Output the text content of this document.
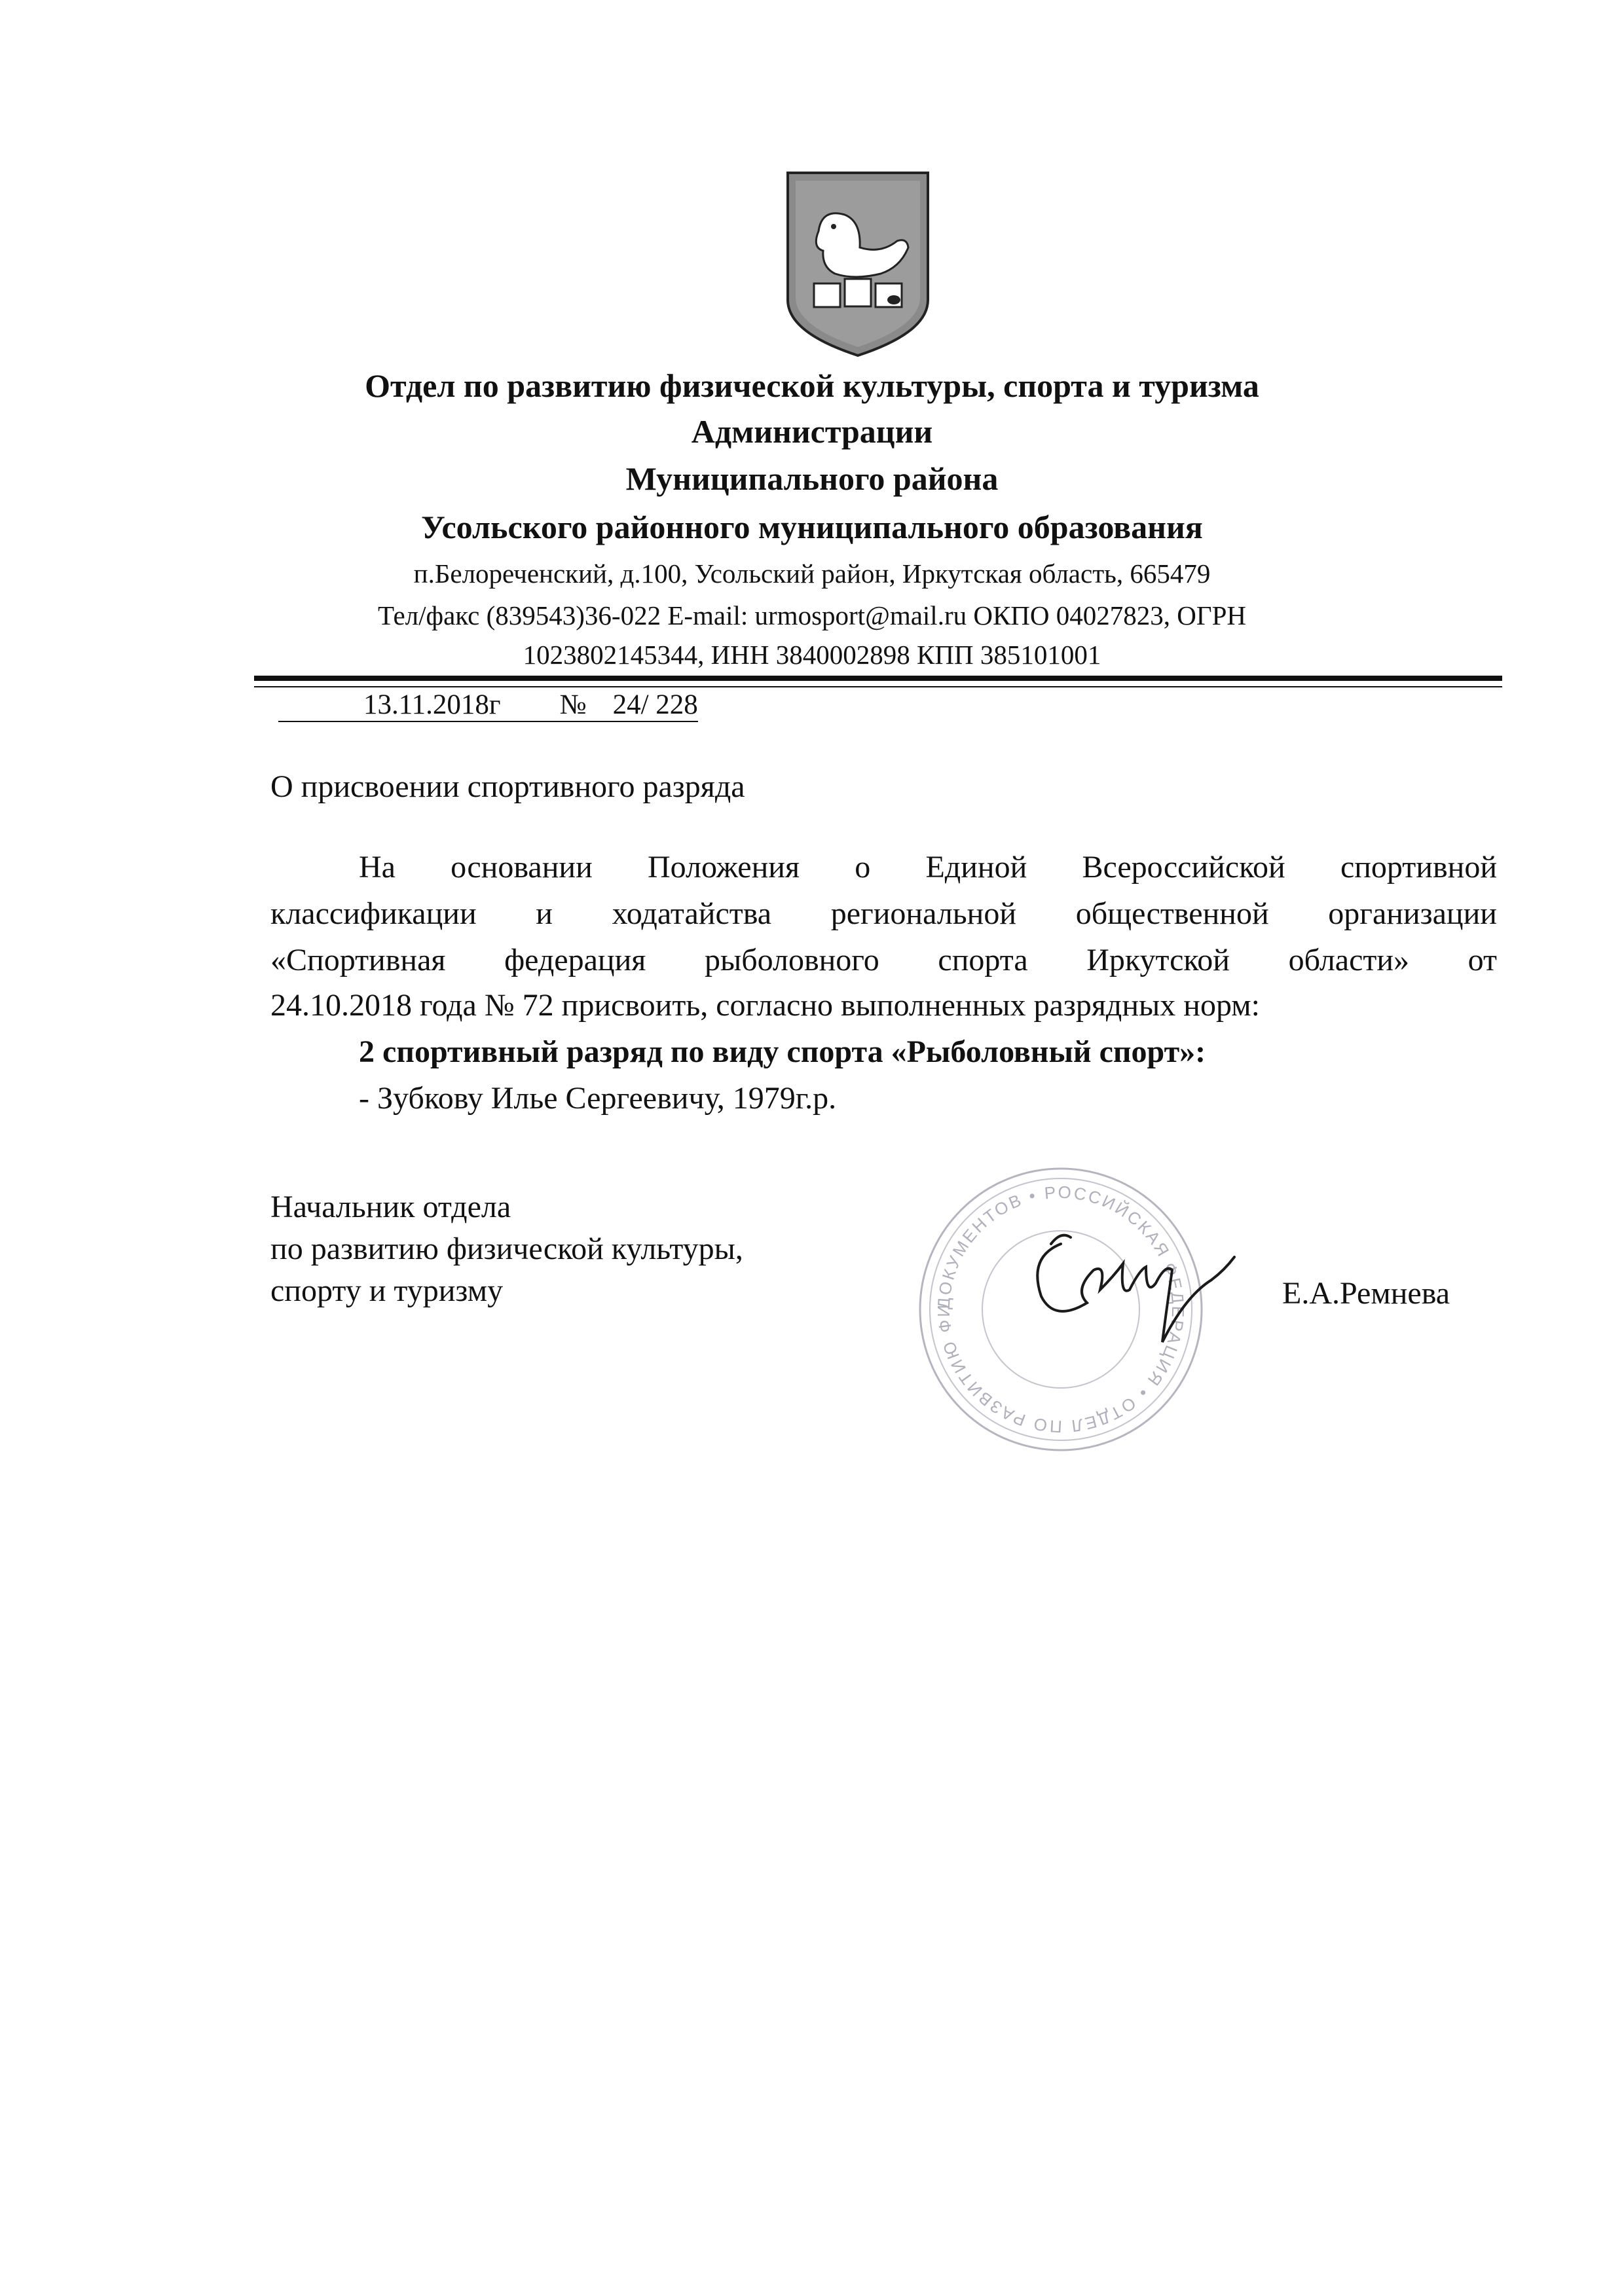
Отдел по развитию физической культуры, спорта и туризма
Администрации
Муниципального района
Усольского районного муниципального образования
п.Белореченский, д.100, Усольский район, Иркутская область, 665479
Тел/факс (839543)36-022 E-mail: urmosport@mail.ru ОКПО 04027823, ОГРН
1023802145344, ИНН 3840002898 КПП 385101001
13.11.2018г № 24/ 228
О присвоении спортивного разряда
На основании Положения о Единой Всероссийской спортивной
классификации и ходатайства региональной общественной организации
«Спортивная федерация рыболовного спорта Иркутской области» от
24.10.2018 года № 72 присвоить, согласно выполненных разрядных норм:
2 спортивный разряд по виду спорта «Рыболовный спорт»:
- Зубкову Илье Сергеевичу, 1979г.р.
Начальник отдела
по развитию физической культуры,
спорту и туризму	Е.А.Ремнева
ДОКУМЕНТОВ • РОССИЙСКАЯ ФЕДЕРАЦИЯ • ОТДЕЛ ПО РАЗВИТИЮ ФИ
